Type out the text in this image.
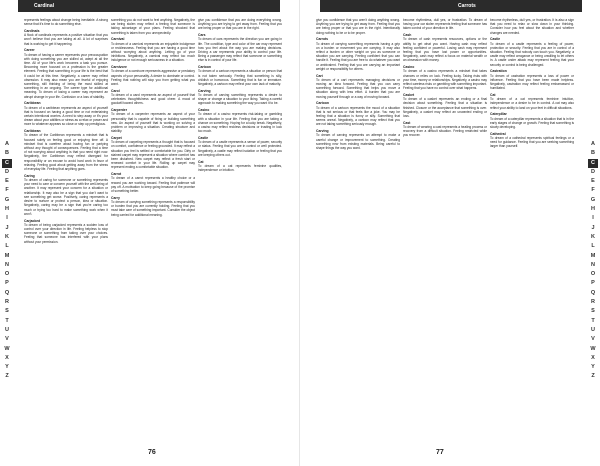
Cardinal

represents feelings about change being inevitable. A strong sense that it's time to do something else.

Cardinals

A flock of cardinals represents a positive situation that you won't believe that you are taking at all. A lot of surprises that is working to get it happening.

Career

To dream of having a career represents your preoccupation with doing something you are skilled at, adept at all the time. All of your life's work becomes a task you pursue. Becoming more focused on a profession is the greater element. Feeling that something in your life is the best that it could be at this time. Negatively, a career may reflect obsession. It may also mean you are fearful of enjoying something, still thinking of being the most skilled at something in an ongoing. The career type for additional meaning. To dream of losing a career may represent an abrupt change in your life. Confusion or a loss of stability.

Caribbean

To dream of a caribbean represents an aspect of yourself that is focused on having a good time or not entertaining certain intentional worries. A need to step away or it's your dream about your abilities or stress as a relax or power and more to whatever appears so close or step up prestigious.

Caribbean

To dream of the Caribbean represents a mindset that is focused solely on feeling good or enjoying time off. A mindset that is carefree about having fun or partying without any thought of consequences. Feeling that a time of not worrying about anything is that you need right now. Negatively, the Caribbean may reflect disregard for responsibility or an excuse to avoid hard work in favor of relaxing. Feeling good about getting away from the stress of everyday life. Feeling that anything goes.

Caring

To dream of caring for someone or something represents your need to care or concern yourself with the well-being of another. It may represent your concern for a situation or relationship. It may also be a sign that you don't want to see something get worse. Positively, caring represents a desire to nurture or protect a person, idea or situation. Negatively, caring may be a sign that you're caring too much or trying too hard to make something work when it won't.

Carjacked

To dream of being carjacked represents a sudden loss of control over your direction in life. Feeling helpless to stop someone or something from taking over your choices. Feeling that someone has interfered with your plans without your permission.

something you do not want to feel anything. Negatively, the car being stolen may reflect a feeling that someone is taking advantage of your plans. Feeling shocked that something is taken from you unexpectedly.

Carnival

To dream of a carnival represents an enjoyable indulgence or recklessness. Feeling that you are having a good time without worrying about anything. Letting go of your inhibitions. Negatively, a carnival may reflect too much indulgence or not enough seriousness in a situation.

Carnivore

To dream of a carnivore represents aggressive or predatory aspects of your personality. A desire to dominate or control. Feeling that nothing will stop you from getting what you want.

Carol

To dream of a carol represents an aspect of yourself that celebrates thoughtfulness and good cheer. A mood of goodwill toward others.

Carpenter

To dream of a carpenter represents an aspect of your personality that is capable of fixing or building something new. An aspect of yourself that is working on solving a problem or improving a situation. Creating structure and stability.

Carpet

To dream of carpeting represents a thought that is focused on comfort, confidence or feeling grounded. It may reflect a situation you feel is settled or comfortable for you. Dirty or stained carpet may represent a situation where comfort has been disturbed. New carpet may reflect a fresh start or renewed comfort in your life. Rolling up carpet may represent ending a comfortable situation.

Carrot

To dream of a carrot represents a healthy choice or a reward you are working toward. Feeling that patience will pay off. A motivation to keep going because of the promise of something better.

Carry

To dream of carrying something represents a responsibility or burden that you are currently holding. Feeling that you must take care of something important. Consider the object being carried for additional meaning.

give you confidence that you are doing everything wrong. Anything you are trying to get away from. Feeling that you are being proper or that you are in the right.

Cars

To dream of cars represents the direction you are going in life. The condition, type and color of the car may represent how you feel about the way you are making decisions. Driving a car represents your ability to control your life. Being a passenger may reflect that someone or something else is in control of your life.

Cartoon

To dream of a cartoon represents a situation or person that is not taken seriously. Feeling that something is silly, childish or humorous. Something that is fun or immature. Negatively, a cartoon may reflect your own lack of maturity.

Carving

To dream of carving something represents a desire to shape or change a situation to your liking. Taking a careful approach to making something the way you want it to be.

Casino

To dream of a casino represents risk-taking or gambling with a situation in your life. Feeling that you are taking a chance on something. Hoping for a lucky break. Negatively, a casino may reflect reckless decisions or trusting in luck too much.

Castle

To dream of a castle represents a sense of power, security or status. Feeling that you are in control or well protected. Negatively, a castle may reflect isolation or feeling that you are keeping others out.

Cat

To dream of a cat represents feminine qualities, independence or intuition.

A
B
C
D
E
F
G
H
I
J
K
L
M
N
O
P
Q
R
S
T
U
V
W
X
Y
Z
76
Carrots

give you confidence that you aren't doing anything wrong. Anything you are trying to get away from. Feeling that you are being proper or that you are in the right. Intentionally doing nothing to be or to be proper.

Carrots

To dream of carrying something represents having a grip on a burden or movement you are carrying. It may also reflect a burden or other weight on you as someone or situation you are carrying. Feeling confident that you can handle it. Feeling that you are free to do whatever you want or ambivalent. Feeling that you are carrying an important weight or responsibility for others.

Cart

To dream of a cart represents managing decisions or moving an idea forward. Feeling that you can carry something forward. Something that helps you move a situation along with less effort. A burden that you are moving yourself through or a way of moving forward.

Cartoon

To dream of a cartoon represents the mood of a situation that is not serious or that feels like a joke. You may be feeling that a situation is funny or silly. Something that seems unreal. Negatively, a cartoon may reflect that you are not taking something seriously enough.

Carving

To dream of carving represents an attempt to make a careful change or improvement to something. Creating something new from existing materials. Being careful to shape things the way you want.

become rhythmless, dull yes, or frustration. To dream of having your car stolen represents feeling that someone has taken control of your direction in life.

Cash

To dream of cash represents resources, options or the ability to get what you want. Having cash may reflect feeling confident or powerful. Losing cash may represent feeling that you have lost power or opportunities. Negatively, cash may reflect a focus on material wealth or an obsession with money.

Casino

To dream of a casino represents a mindset that takes chances or relies on luck. Feeling lucky. Taking risks with your time, money or relationships. Negatively, a casino may reflect careless risks or gambling with something important. Feeling that you have no control over what happens.

Casket

To dream of a casket represents an ending or a final decision about something. Feeling that a situation is finished. Closure or the acceptance that something is over. Negatively, a casket may reflect an unwanted ending or loss.

Cast

To dream of wearing a cast represents a healing process or recovery from a difficult situation. Feeling restricted while you recover.

become rhythmless, dull yes, or frustration. It is also a sign that you need to relax or slow down in your thinking. Consider how you feel about the situation and whether changes are needed.

Castle

To dream of a castle represents a feeling of power, protection or security. Feeling that you are in control of a situation. Feeling that nobody can touch you. Negatively, a castle may reflect arrogance or being unwilling to let others in. A castle under attack may represent feeling that your security or control is being challenged.

Castration

To dream of castration represents a loss of power or influence. Feeling that you have been made helpless. Negatively, castration may reflect feeling embarrassed or humiliated.

Cat

To dream of a cat represents feminine intuition, independence or a desire to be in control. A cat may also reflect your ability to land on your feet in difficult situations.

Caterpillar

To dream of a caterpillar represents a situation that is in the early stages of change or growth. Feeling that something is slowly developing.

Cathedral

To dream of a cathedral represents spiritual feelings or a need for guidance. Feeling that you are seeking something larger than yourself.	A
B
C
D
E
F
G
H
I
J
K
L
M
N
O
P
Q
R
S
T
U
V
W
X
Y
Z
77
